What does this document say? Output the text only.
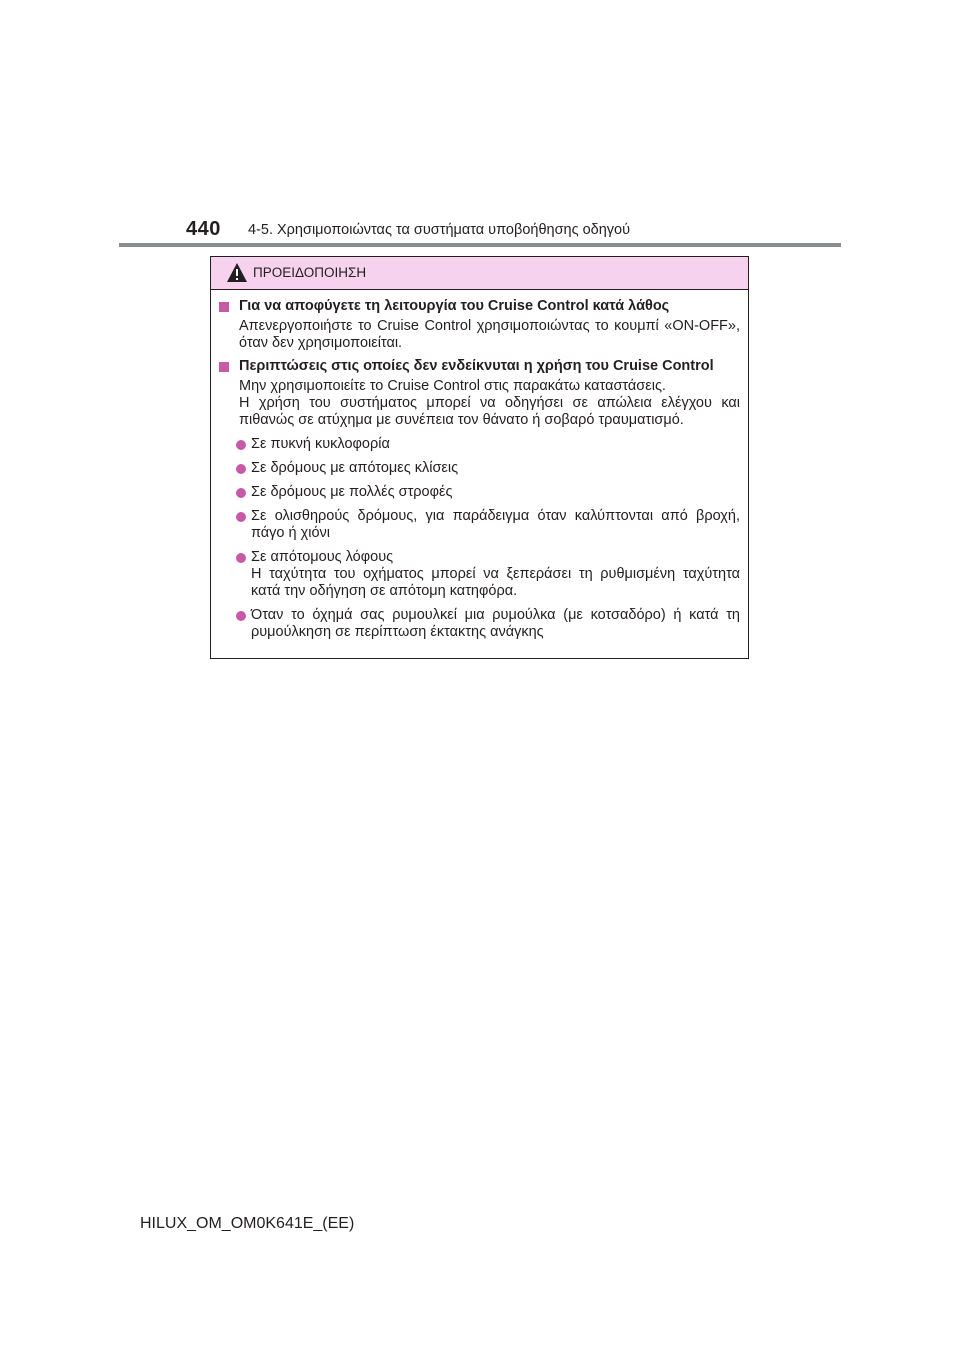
440 4-5. Χρησιμοποιώντας τα συστήματα υποβοήθησης οδηγού
ΠΡΟΕΙΔΟΠΟΙΗΣΗ
Για να αποφύγετε τη λειτουργία του Cruise Control κατά λάθος
Απενεργοποιήστε το Cruise Control χρησιμοποιώντας το κουμπί «ON-OFF», όταν δεν χρησιμοποιείται.
Περιπτώσεις στις οποίες δεν ενδείκνυται η χρήση του Cruise Control
Μην χρησιμοποιείτε το Cruise Control στις παρακάτω καταστάσεις.
Η χρήση του συστήματος μπορεί να οδηγήσει σε απώλεια ελέγχου και πιθανώς σε ατύχημα με συνέπεια τον θάνατο ή σοβαρό τραυματισμό.
Σε πυκνή κυκλοφορία
Σε δρόμους με απότομες κλίσεις
Σε δρόμους με πολλές στροφές
Σε ολισθηρούς δρόμους, για παράδειγμα όταν καλύπτονται από βροχή, πάγο ή χιόνι
Σε απότομους λόφους
Η ταχύτητα του οχήματος μπορεί να ξεπεράσει τη ρυθμισμένη ταχύτητα κατά την οδήγηση σε απότομη κατηφόρα.
Όταν το όχημά σας ρυμουλκεί μια ρυμούλκα (με κοτσαδόρο) ή κατά τη ρυμούλκηση σε περίπτωση έκτακτης ανάγκης
HILUX_OM_OM0K641E_(EE)
